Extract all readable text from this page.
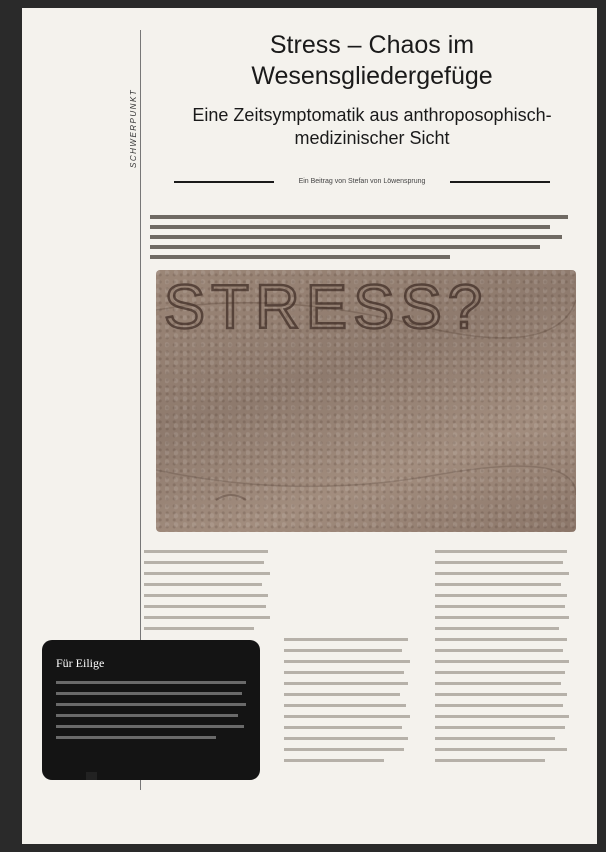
SCHWERPUNKT
Stress – Chaos im Wesensgliedergefüge
Eine Zeitsymptomatik aus anthroposophisch-medizinischer Sicht
Ein Beitrag von Stefan von Löwensprung
STRESS?
Für Eilige
